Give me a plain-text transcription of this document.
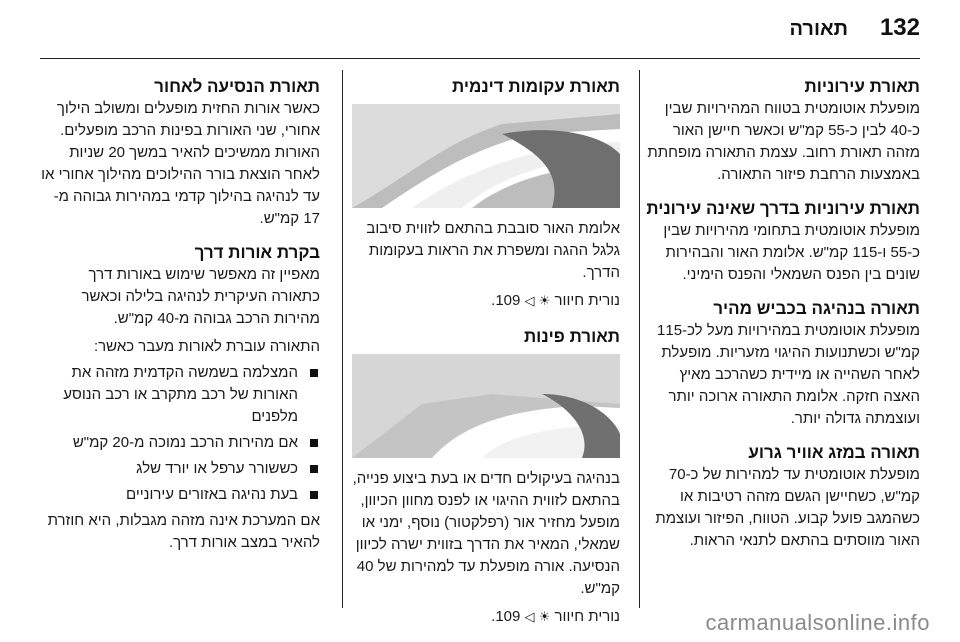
132
תאורה
תאורת עירוניות

מופעלת אוטומטית בטווח המהירויות שבין כ-40 לבין כ-55 קמ"ש וכאשר חיישן האור מזהה תאורת רחוב. עצמת התאורה מופחתת באמצעות הרחבת פיזור התאורה.

תאורת עירוניות בדרך שאינה עירונית

מופעלת אוטומטית בתחומי מהירויות שבין כ-55 ו-115 קמ"ש. אלומת האור והבהירות שונים בין הפנס השמאלי והפנס הימיני.

תאורה בנהיגה בכביש מהיר

מופעלת אוטומטית במהירויות מעל לכ-115 קמ"ש וכשתנועות ההיגוי מזעריות. מופעלת לאחר השהייה או מיידית כשהרכב מאיץ האצה חזקה. אלומת התאורה ארוכה יותר ועוצמתה גדולה יותר.

תאורה במזג אוויר גרוע

מופעלת אוטומטית עד למהירות של כ-70 קמ"ש, כשחיישן הגשם מזהה רטיבות או כשהמגב פועל קבוע. הטווח, הפיזור ועוצמת האור מווסתים בהתאם לתנאי הראות.

תאורת עקומות דינמית

אלומת האור סובבת בהתאם לזווית סיבוב גלגל ההגה ומשפרת את הראות בעקומות הדרך.

נורית חיוור ☀ ◁ 109.

תאורת פינות

בנהיגה בעיקולים חדים או בעת ביצוע פנייה, בהתאם לזווית ההיגוי או לפנס מחוון הכיוון, מופעל מחזיר אור (רפלקטור) נוסף, ימני או שמאלי, המאיר את הדרך בזווית ישרה לכיוון הנסיעה. אורה מופעלת עד למהירות של 40 קמ"ש.

נורית חיוור ☀ ◁ 109.

תאורת הנסיעה לאחור

כאשר אורות החזית מופעלים ומשולב הילוך אחורי, שני האורות בפינות הרכב מופעלים. האורות ממשיכים להאיר במשך 20 שניות לאחר הוצאת בורר ההילוכים מהילוך אחורי או עד לנהיגה בהילוך קדמי במהירות גבוהה מ- 17 קמ"ש.

בקרת אורות דרך

מאפיין זה מאפשר שימוש באורות דרך כתאורה העיקרית לנהיגה בלילה וכאשר מהירות הרכב גבוהה מ-40 קמ"ש.

התאורה עוברת לאורות מעבר כאשר:

המצלמה בשמשה הקדמית מזהה את האורות של רכב מתקרב או רכב הנוסע מלפנים
אם מהירות הרכב נמוכה מ-20 קמ"ש
כששורר ערפל או יורד שלג
בעת נהיגה באזורים עירוניים

אם המערכת אינה מזהה מגבלות, היא חוזרת להאיר במצב אורות דרך.

carmanualsonline.info
